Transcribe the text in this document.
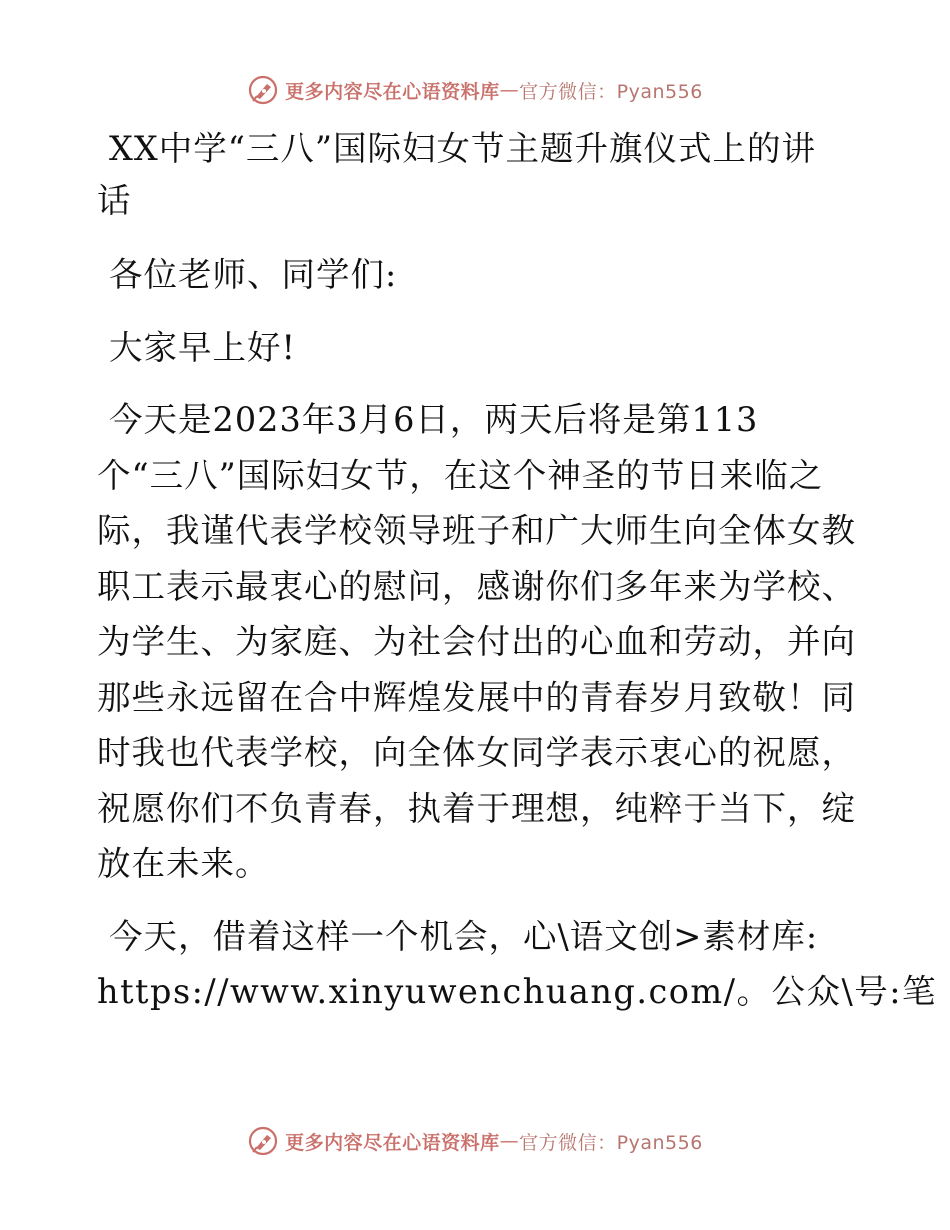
更多内容尽在心语资料库 — 官方微信：Pyan556
XX中学“三八”国际妇女节主题升旗仪式上的讲话
各位老师、同学们:
大家早上好!
今天是2023年3月6日，两天后将是第113
个“三八”国际妇女节，在这个神圣的节日来临之
际，我谨代表学校领导班子和广大师生向全体女教
职工表示最衷心的慰问，感谢你们多年来为学校、
为学生、为家庭、为社会付出的心血和劳动，并向
那些永远留在合中辉煌发展中的青春岁月致敬！同
时我也代表学校，向全体女同学表示衷心的祝愿，
祝愿你们不负青春，执着于理想，纯粹于当下，绽
放在未来。
今天，借着这样一个机会，心\语文创>素材库:
https://www.xinyuwenchuang.com/。公众\号:笔
更多内容尽在心语资料库 — 官方微信：Pyan556
